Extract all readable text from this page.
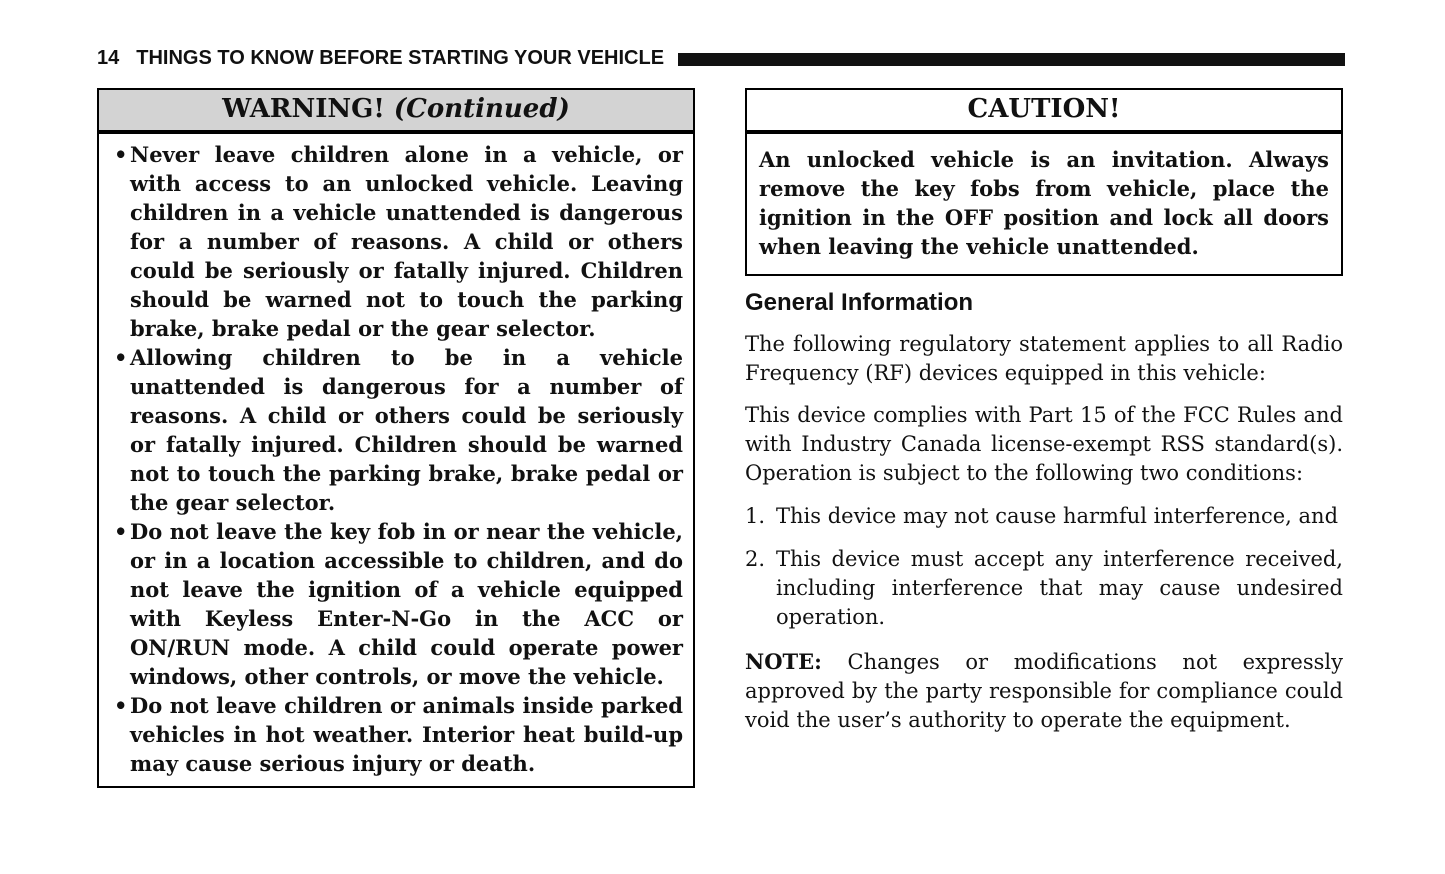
14 THINGS TO KNOW BEFORE STARTING YOUR VEHICLE
WARNING! (Continued)
• Never leave children alone in a vehicle, or with access to an unlocked vehicle. Leaving children in a vehicle unattended is dangerous for a number of reasons. A child or others could be seriously or fatally injured. Children should be warned not to touch the parking brake, brake pedal or the gear selector.
• Allowing children to be in a vehicle unattended is dangerous for a number of reasons. A child or others could be seriously or fatally injured. Children should be warned not to touch the parking brake, brake pedal or the gear selector.
• Do not leave the key fob in or near the vehicle, or in a location accessible to children, and do not leave the ignition of a vehicle equipped with Keyless Enter-N-Go in the ACC or ON/RUN mode. A child could operate power windows, other controls, or move the vehicle.
• Do not leave children or animals inside parked vehicles in hot weather. Interior heat build-up may cause serious injury or death.
CAUTION!

An unlocked vehicle is an invitation. Always remove the key fobs from vehicle, place the ignition in the OFF position and lock all doors when leaving the vehicle unattended.

General Information

The following regulatory statement applies to all Radio Frequency (RF) devices equipped in this vehicle:

This device complies with Part 15 of the FCC Rules and with Industry Canada license-exempt RSS standard(s). Operation is subject to the following two conditions:

1. This device may not cause harmful interference, and
2. This device must accept any interference received, including interference that may cause undesired operation.

NOTE: Changes or modifications not expressly approved by the party responsible for compliance could void the user’s authority to operate the equipment.
